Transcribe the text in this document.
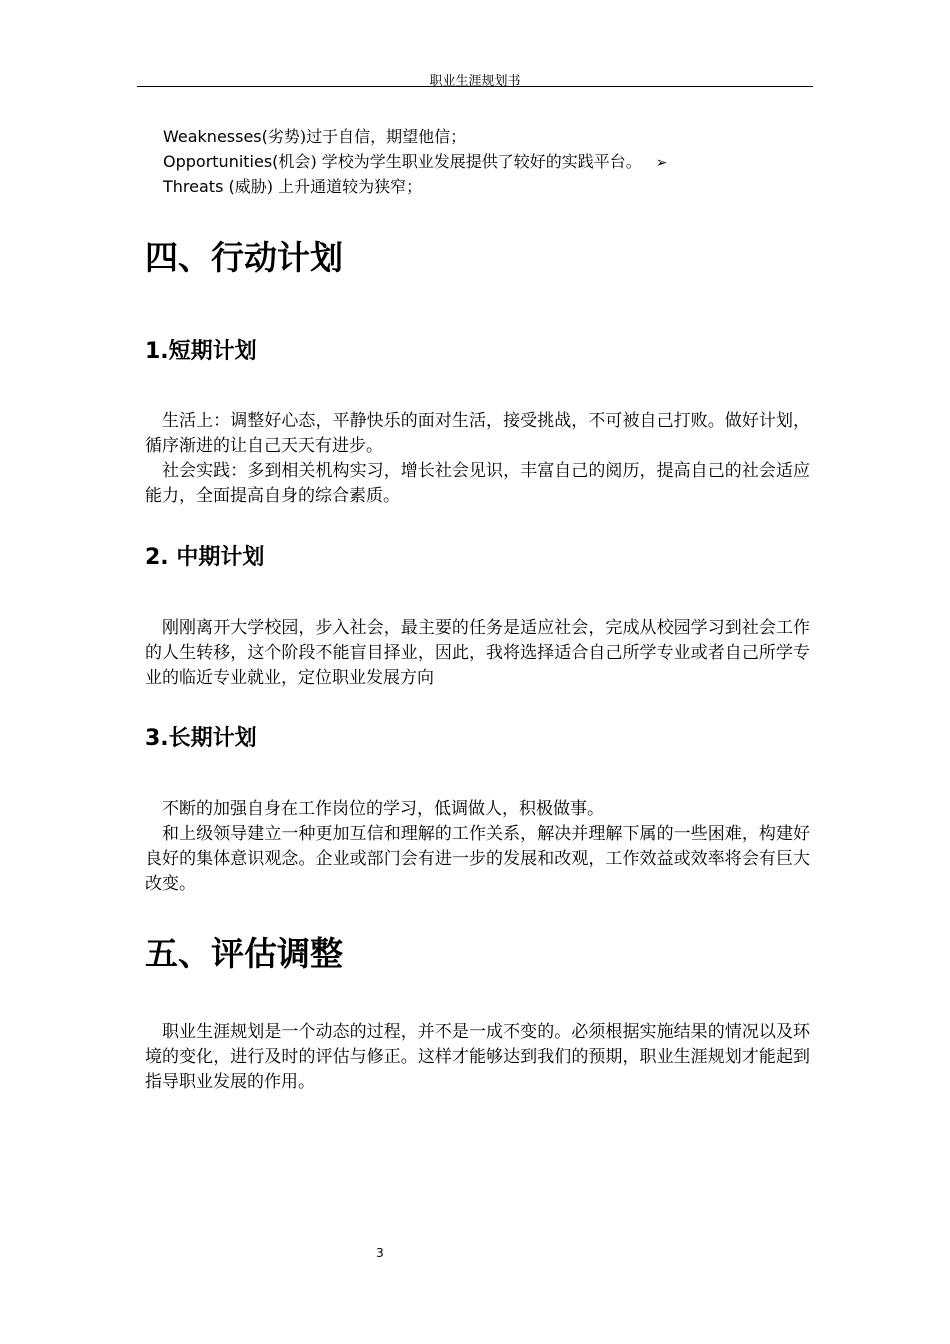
职业生涯规划书
Weaknesses(劣势)过于自信，期望他信；
Opportunities(机会) 学校为学生职业发展提供了较好的实践平台。 ➢
Threats (威胁) 上升通道较为狭窄；
四、行动计划
1.短期计划
生活上：调整好心态，平静快乐的面对生活，接受挑战，不可被自己打败。做好计划，循序渐进的让自己天天有进步。
社会实践：多到相关机构实习，增长社会见识，丰富自己的阅历，提高自己的社会适应能力，全面提高自身的综合素质。
2. 中期计划
刚刚离开大学校园，步入社会，最主要的任务是适应社会，完成从校园学习到社会工作的人生转移，这个阶段不能盲目择业，因此，我将选择适合自己所学专业或者自己所学专业的临近专业就业，定位职业发展方向
3.长期计划
不断的加强自身在工作岗位的学习，低调做人，积极做事。
和上级领导建立一种更加互信和理解的工作关系，解决并理解下属的一些困难，构建好良好的集体意识观念。企业或部门会有进一步的发展和改观，工作效益或效率将会有巨大改变。
五、评估调整
职业生涯规划是一个动态的过程，并不是一成不变的。必须根据实施结果的情况以及环境的变化，进行及时的评估与修正。这样才能够达到我们的预期，职业生涯规划才能起到指导职业发展的作用。
3
